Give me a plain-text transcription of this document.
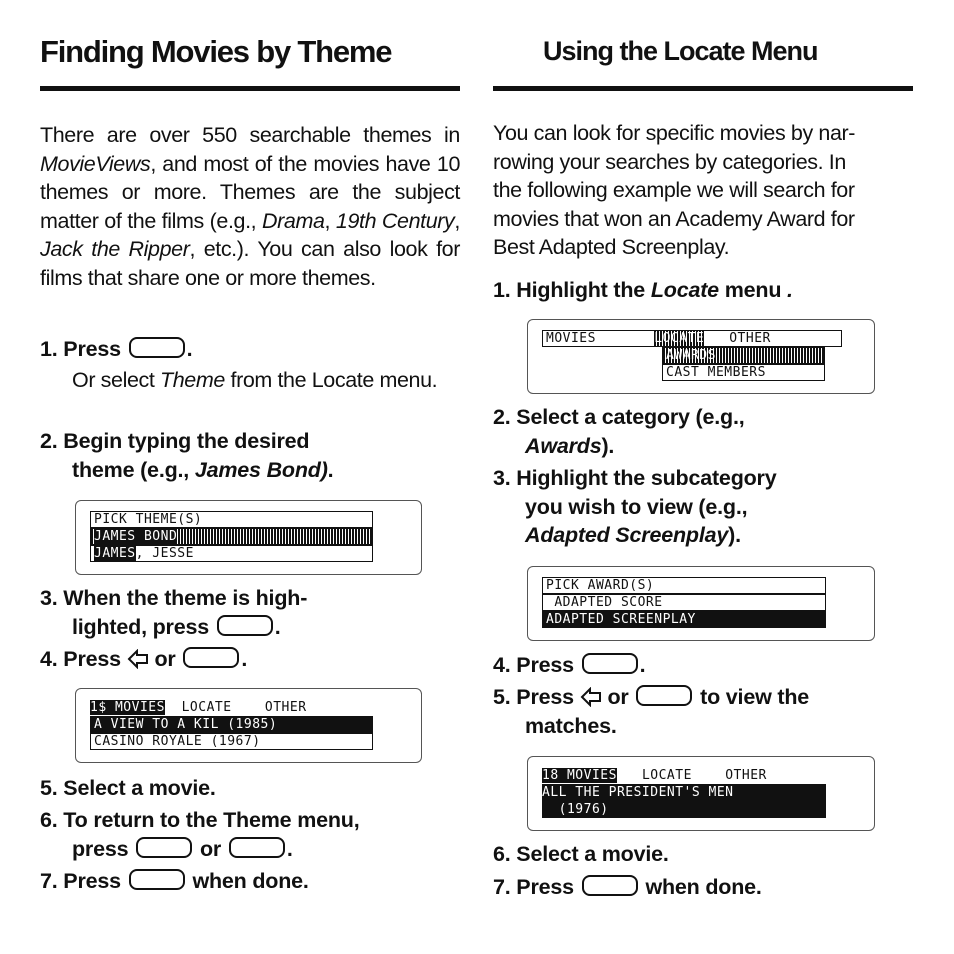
Finding Movies by Theme

There are over 550 searchable themes in MovieViews, and most of the movies have 10 themes or more. Themes are the subject matter of the films (e.g., Drama, 19th Century, Jack the Ripper, etc.). You can also look for films that share one or more themes.

1. Press	.
Or select Theme from the Locate menu.
2. Begin typing the desired
theme (e.g., James Bond).
PICK THEME(S)
JAMES BOND
JAMES, JESSE
3. When the theme is high-
lighted, press	.
4. Press or	.
1$ MOVIES LOCATE	OTHER
A VIEW TO A KIL (1985)
CASINO ROYALE (1967)
5. Select a movie.
6. To return to the Theme menu,
press	or	.
7. Press	when done.
Using the Locate Menu

You can look for specific movies by nar-
rowing your searches by categories. In
the following example we will search for
movies that won an Academy Award for
Best Adapted Screenplay.

1. Highlight the Locate menu .
MOVIES	LOCATE OTHER
AWARDS
CAST MEMBERS
2. Select a category (e.g.,
Awards).
3. Highlight the subcategory
you wish to view (e.g.,
Adapted Screenplay).
PICK AWARD(S)
ADAPTED SCORE
ADAPTED SCREENPLAY
4. Press	.
5. Press or	to view the
matches.
18 MOVIES LOCATE	OTHER
ALL THE PRESIDENT'S MEN
(1976)
6. Select a movie.
7. Press	when done.
